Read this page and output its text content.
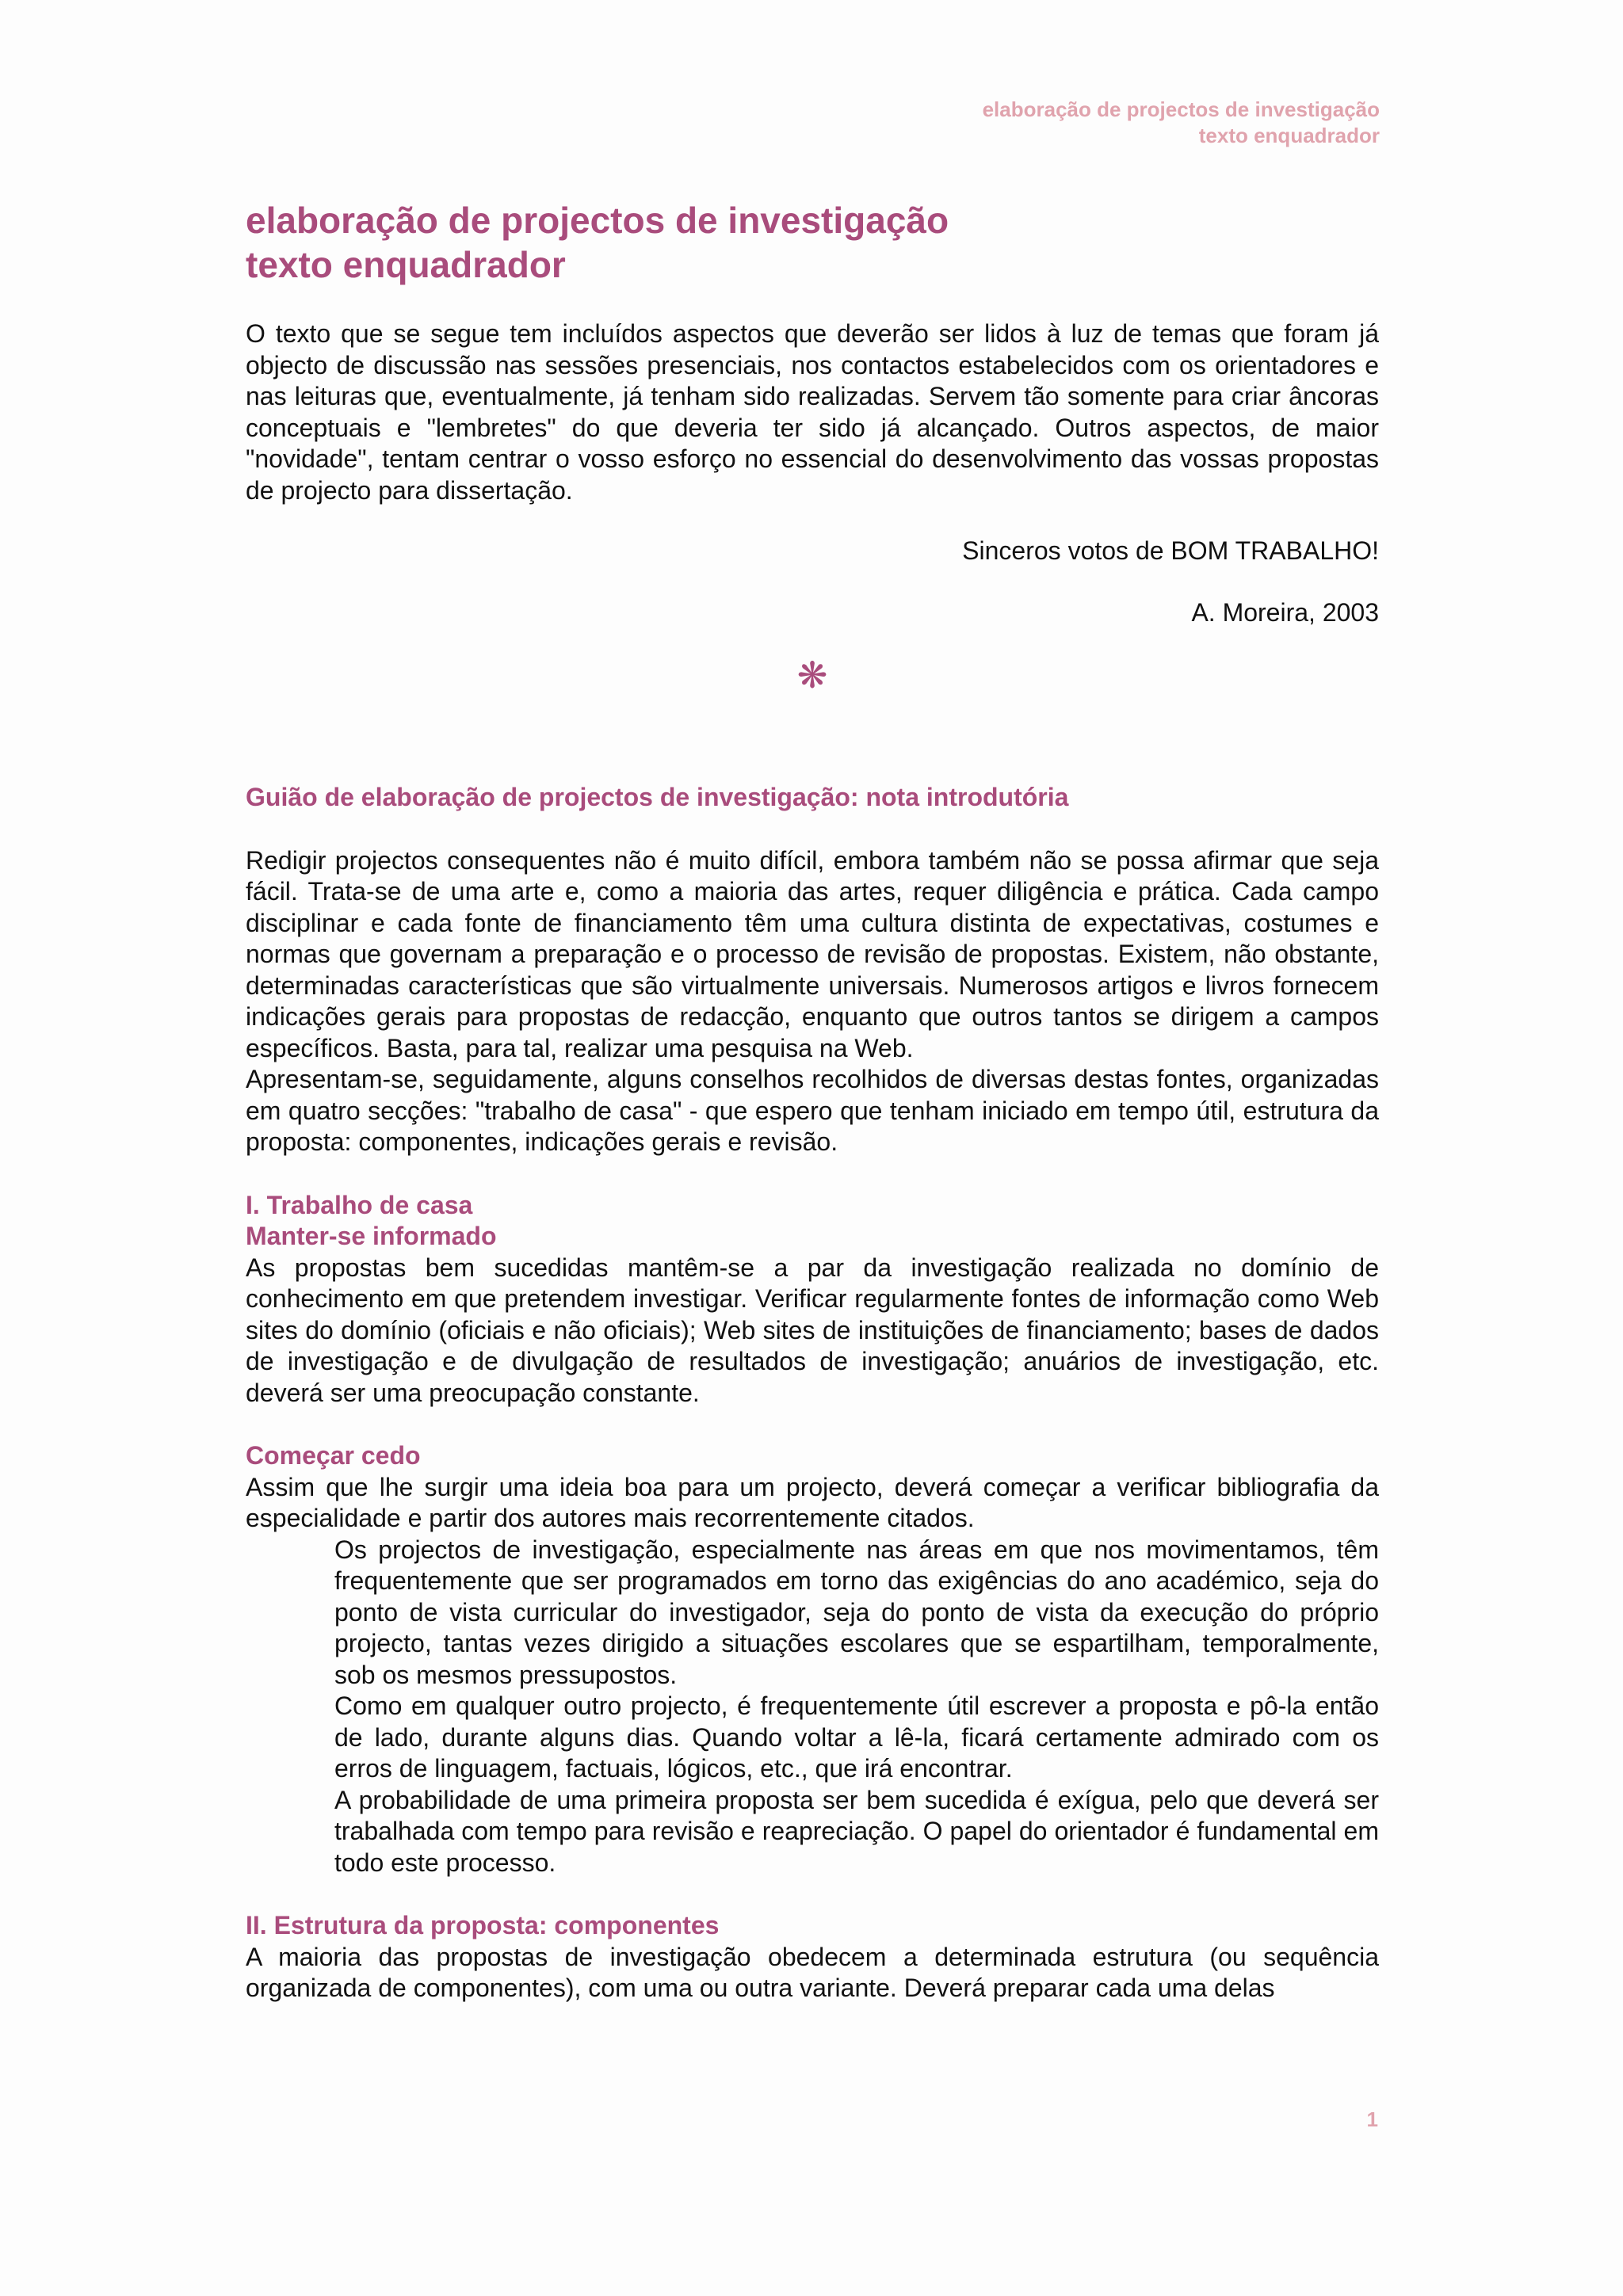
elaboração de projectos de investigação
texto enquadrador
elaboração de projectos de investigação
texto enquadrador

O texto que se segue tem incluídos aspectos que deverão ser lidos à luz de temas que foram já objecto de discussão nas sessões presenciais, nos contactos estabelecidos com os orientadores e nas leituras que, eventualmente, já tenham sido realizadas. Servem tão somente para criar âncoras conceptuais e "lembretes" do que deveria ter sido já alcançado. Outros aspectos, de maior "novidade", tentam centrar o vosso esforço no essencial do desenvolvimento das vossas propostas de projecto para dissertação.

Sinceros votos de BOM TRABALHO!

A. Moreira, 2003

❋
Guião de elaboração de projectos de investigação: nota introdutória

Redigir projectos consequentes não é muito difícil, embora também não se possa afirmar que seja fácil. Trata-se de uma arte e, como a maioria das artes, requer diligência e prática. Cada campo disciplinar e cada fonte de financiamento têm uma cultura distinta de expectativas, costumes e normas que governam a preparação e o processo de revisão de propostas. Existem, não obstante, determinadas características que são virtualmente universais. Numerosos artigos e livros fornecem indicações gerais para propostas de redacção, enquanto que outros tantos se dirigem a campos específicos. Basta, para tal, realizar uma pesquisa na Web.

Apresentam-se, seguidamente, alguns conselhos recolhidos de diversas destas fontes, organizadas em quatro secções: "trabalho de casa" - que espero que tenham iniciado em tempo útil, estrutura da proposta: componentes, indicações gerais e revisão.

I. Trabalho de casa
Manter-se informado

As propostas bem sucedidas mantêm-se a par da investigação realizada no domínio de conhecimento em que pretendem investigar. Verificar regularmente fontes de informação como Web sites do domínio (oficiais e não oficiais); Web sites de instituições de financiamento; bases de dados de investigação e de divulgação de resultados de investigação; anuários de investigação, etc. deverá ser uma preocupação constante.

Começar cedo

Assim que lhe surgir uma ideia boa para um projecto, deverá começar a verificar bibliografia da especialidade e partir dos autores mais recorrentemente citados.

Os projectos de investigação, especialmente nas áreas em que nos movimentamos, têm frequentemente que ser programados em torno das exigências do ano académico, seja do ponto de vista curricular do investigador, seja do ponto de vista da execução do próprio projecto, tantas vezes dirigido a situações escolares que se espartilham, temporalmente, sob os mesmos pressupostos.

Como em qualquer outro projecto, é frequentemente útil escrever a proposta e pô-la então de lado, durante alguns dias. Quando voltar a lê-la, ficará certamente admirado com os erros de linguagem, factuais, lógicos, etc., que irá encontrar.

A probabilidade de uma primeira proposta ser bem sucedida é exígua, pelo que deverá ser trabalhada com tempo para revisão e reapreciação. O papel do orientador é fundamental em todo este processo.

II. Estrutura da proposta: componentes

A maioria das propostas de investigação obedecem a determinada estrutura (ou sequência organizada de componentes), com uma ou outra variante. Deverá preparar cada uma delas

1
